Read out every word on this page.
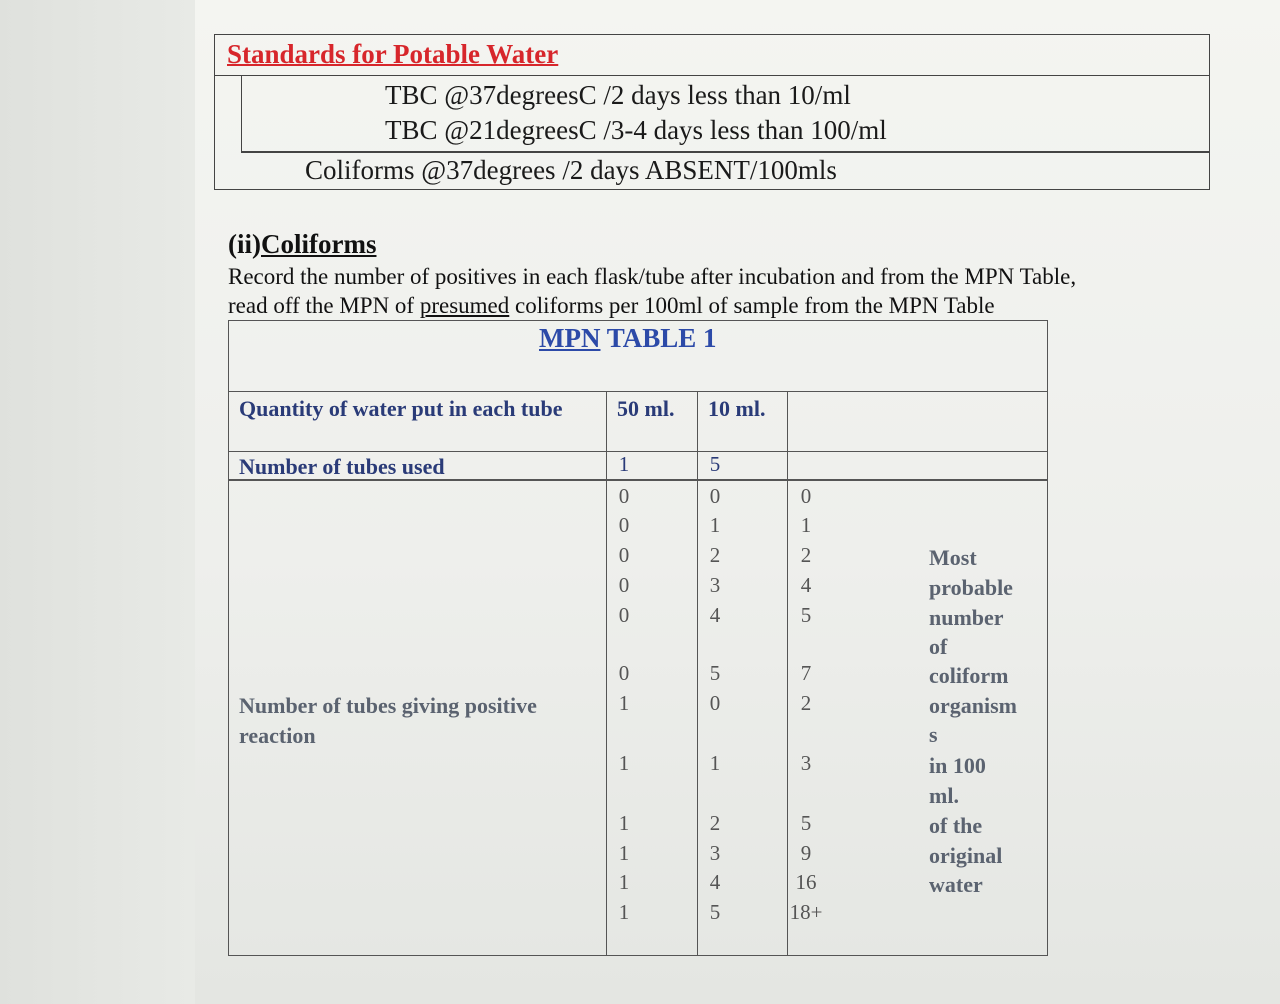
Standards for Potable Water
TBC @37degreesC /2 days less than 10/ml
TBC @21degreesC /3-4 days less than 100/ml
Coliforms @37degrees /2 days ABSENT/100mls
(ii)Coliforms
Record the number of positives in each flask/tube after incubation and from the MPN Table,
read off the MPN of presumed coliforms per 100ml of sample from the MPN Table
MPN TABLE 1
Quantity of water put in each tube	50 ml. 10 ml.
Number of tubes used	1	5
Number of tubes giving positive reaction
0	0	0
0	1	1
0	2	2
0	3	4
0	4	5
0	5	7
1	0	2
1	1	3
1	2	5
1	3	9
1	4	16
1	5	18+
Most
probable
number
of
coliform
organism
s
in 100
ml.
of the
original
water
